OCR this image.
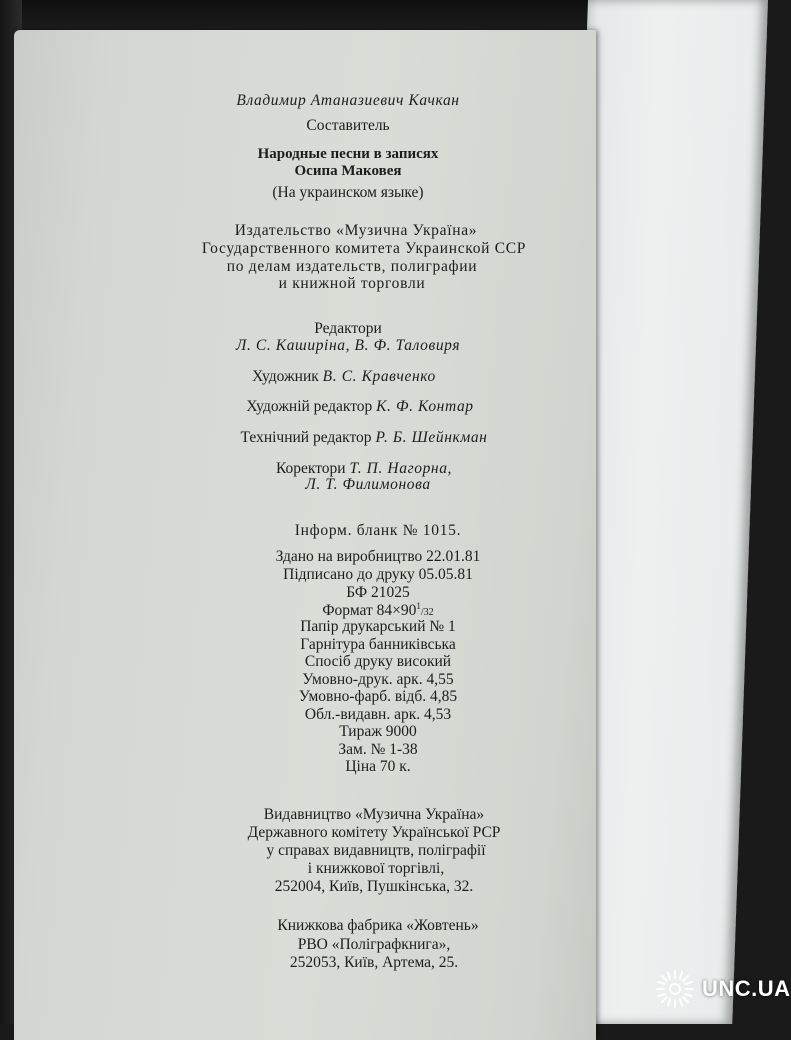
Владимир Атаназиевич Качкан
Составитель
Народные песни в записях
Осипа Маковея
(На украинском языке)
Издательство «Музична Україна»
Государственного комитета Украинской ССР
по делам издательств, полиграфии
и книжной торговли
Редактори
Л. С. Каширіна, В. Ф. Таловиря
Художник В. С. Кравченко
Художній редактор К. Ф. Контар
Технічний редактор Р. Б. Шейнкман
Коректори Т. П. Нагорна,
Л. Т. Филимонова
Інформ. бланк № 1015.
Здано на виробництво 22.01.81
Підписано до друку 05.05.81
БФ 21025
Формат $84\times 90^1/32$
Папір друкарський № 1
Гарнітура банниківська
Спосіб друку високий
Умовно-друк. арк. 4,55
Умовно-фарб. відб. 4,85
Обл.-видавн. арк. 4,53
Тираж 9000
Зам. № 1-38
Ціна 70 к.
Видавництво «Музична Україна»
Державного комітету Української РСР
у справах видавництв, поліграфії
і книжкової торгівлі,
252004, Київ, Пушкінська, 32.
Книжкова фабрика «Жовтень»
РВО «Поліграфкнига»,
252053, Київ, Артема, 25.
UNC.UA
